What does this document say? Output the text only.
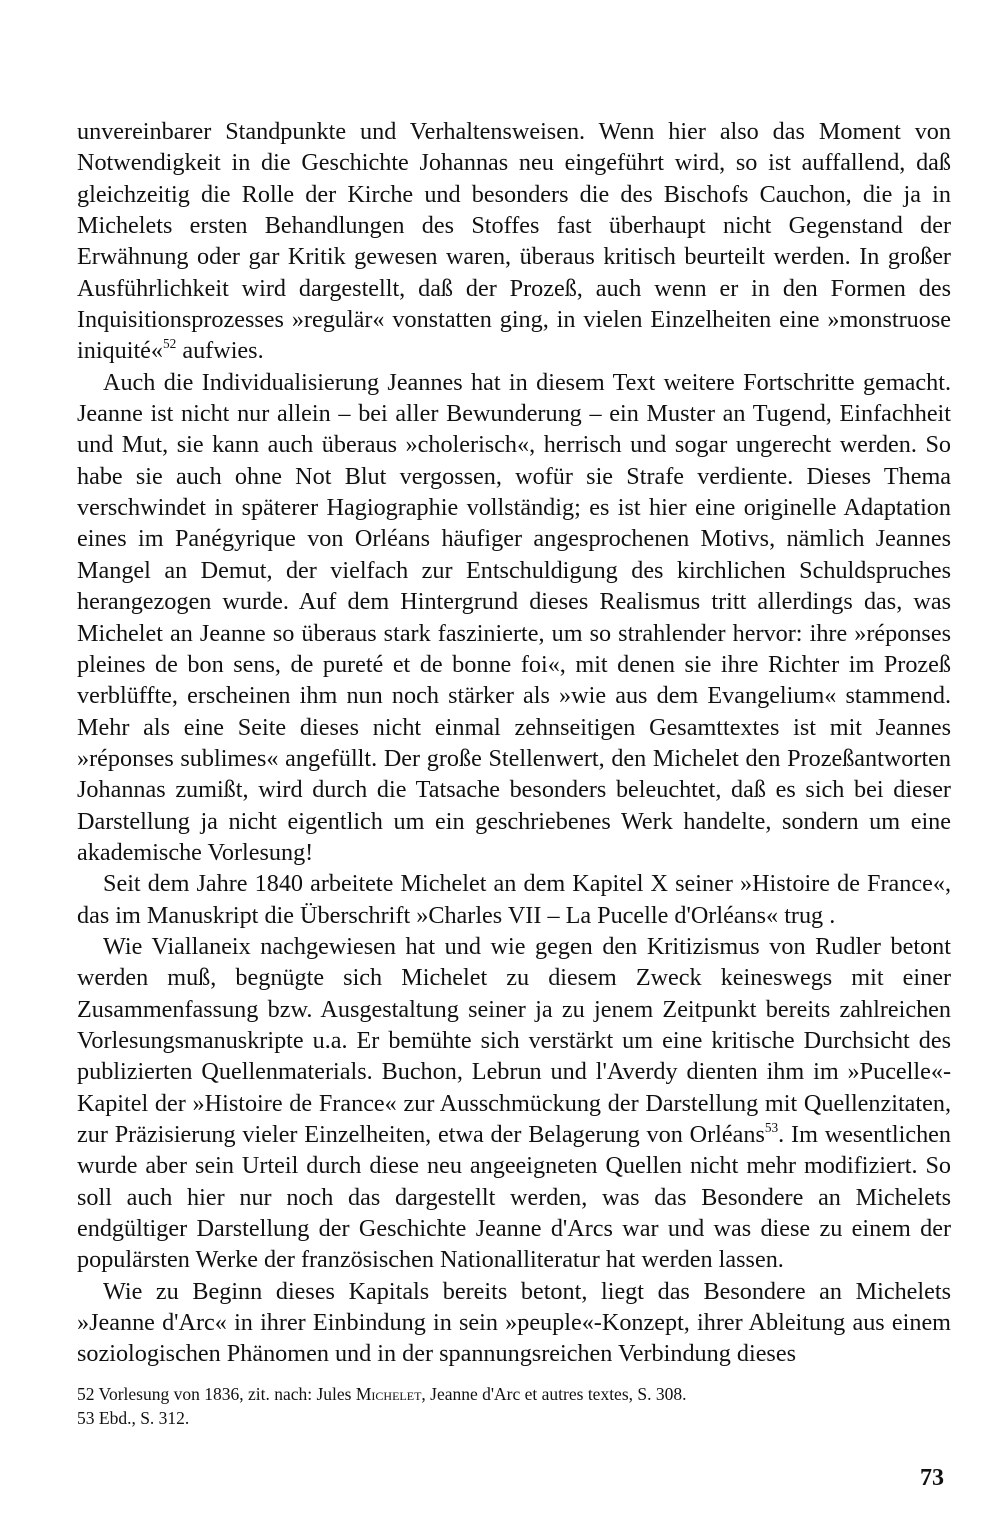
unvereinbarer Standpunkte und Verhaltensweisen. Wenn hier also das Moment von Notwendigkeit in die Geschichte Johannas neu eingeführt wird, so ist auffallend, daß gleichzeitig die Rolle der Kirche und besonders die des Bischofs Cauchon, die ja in Michelets ersten Behandlungen des Stoffes fast überhaupt nicht Gegenstand der Erwähnung oder gar Kritik gewesen waren, überaus kritisch beurteilt werden. In großer Ausführlichkeit wird dargestellt, daß der Prozeß, auch wenn er in den Formen des Inquisitionsprozesses »regulär« vonstatten ging, in vielen Einzelheiten eine »monstruose iniquité«$^{52}$ aufwies.

Auch die Individualisierung Jeannes hat in diesem Text weitere Fortschritte gemacht. Jeanne ist nicht nur allein – bei aller Bewunderung – ein Muster an Tugend, Einfachheit und Mut, sie kann auch überaus »cholerisch«, herrisch und sogar ungerecht werden. So habe sie auch ohne Not Blut vergossen, wofür sie Strafe verdiente. Dieses Thema verschwindet in späterer Hagiographie vollständig; es ist hier eine originelle Adaptation eines im Panégyrique von Orléans häufiger angesprochenen Motivs, nämlich Jeannes Mangel an Demut, der vielfach zur Entschuldigung des kirchlichen Schuldspruches herangezogen wurde. Auf dem Hintergrund dieses Realismus tritt allerdings das, was Michelet an Jeanne so überaus stark faszinierte, um so strahlender hervor: ihre »réponses pleines de bon sens, de pureté et de bonne foi«, mit denen sie ihre Richter im Prozeß verblüffte, erscheinen ihm nun noch stärker als »wie aus dem Evangelium« stammend. Mehr als eine Seite dieses nicht einmal zehnseitigen Gesamttextes ist mit Jeannes »réponses sublimes« angefüllt. Der große Stellenwert, den Michelet den Prozeßantworten Johannas zumißt, wird durch die Tatsache besonders beleuchtet, daß es sich bei dieser Darstellung ja nicht eigentlich um ein geschriebenes Werk handelte, sondern um eine akademische Vorlesung!

Seit dem Jahre 1840 arbeitete Michelet an dem Kapitel X seiner »Histoire de France«, das im Manuskript die Überschrift »Charles VII – La Pucelle d'Orléans« trug .

Wie Viallaneix nachgewiesen hat und wie gegen den Kritizismus von Rudler betont werden muß, begnügte sich Michelet zu diesem Zweck keineswegs mit einer Zusammenfassung bzw. Ausgestaltung seiner ja zu jenem Zeitpunkt bereits zahlreichen Vorlesungsmanuskripte u.a. Er bemühte sich verstärkt um eine kritische Durchsicht des publizierten Quellenmaterials. Buchon, Lebrun und l'Averdy dienten ihm im »Pucelle«-Kapitel der »Histoire de France« zur Ausschmückung der Darstellung mit Quellenzitaten, zur Präzisierung vieler Einzelheiten, etwa der Belagerung von Orléans$^{53}$. Im wesentlichen wurde aber sein Urteil durch diese neu angeeigneten Quellen nicht mehr modifiziert. So soll auch hier nur noch das dargestellt werden, was das Besondere an Michelets endgültiger Darstellung der Geschichte Jeanne d'Arcs war und was diese zu einem der populärsten Werke der französischen Nationalliteratur hat werden lassen.

Wie zu Beginn dieses Kapitals bereits betont, liegt das Besondere an Michelets »Jeanne d'Arc« in ihrer Einbindung in sein »peuple«-Konzept, ihrer Ableitung aus einem soziologischen Phänomen und in der spannungsreichen Verbindung dieses

52 Vorlesung von 1836, zit. nach: Jules Michelet, Jeanne d'Arc et autres textes, S. 308.

53 Ebd., S. 312.

73
